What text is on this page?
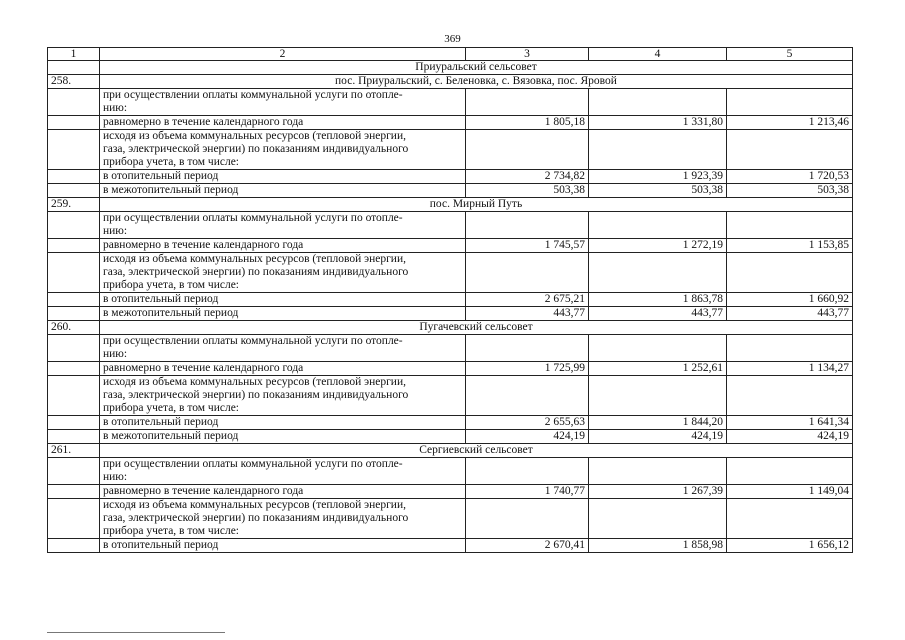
369
1	2	3	4	5
	Приуральский сельсовет			
258.	пос. Приуральский, с. Беленовка, с. Вязовка, пос. Яровой			

	при осуществлении оплаты коммунальной услуги по отопле-
нию:			

	равномерно в течение календарного года	1 805,18	1 331,80	1 213,46

	исходя из объема коммунальных ресурсов (тепловой энергии,
газа, электрической энергии) по показаниям индивидуального
прибора учета, в том числе:			

	в отопительный период	2 734,82	1 923,39	1 720,53

	в межотопительный период	503,38	503,38	503,38
259.	пос. Мирный Путь			

	при осуществлении оплаты коммунальной услуги по отопле-
нию:			

	равномерно в течение календарного года	1 745,57	1 272,19	1 153,85

	исходя из объема коммунальных ресурсов (тепловой энергии,
газа, электрической энергии) по показаниям индивидуального
прибора учета, в том числе:			

	в отопительный период	2 675,21	1 863,78	1 660,92

	в межотопительный период	443,77	443,77	443,77
260.	Пугачевский сельсовет			

	при осуществлении оплаты коммунальной услуги по отопле-
нию:			

	равномерно в течение календарного года	1 725,99	1 252,61	1 134,27

	исходя из объема коммунальных ресурсов (тепловой энергии,
газа, электрической энергии) по показаниям индивидуального
прибора учета, в том числе:			

	в отопительный период	2 655,63	1 844,20	1 641,34

	в межотопительный период	424,19	424,19	424,19
261.	Сергиевский сельсовет			

	при осуществлении оплаты коммунальной услуги по отопле-
нию:			

	равномерно в течение календарного года	1 740,77	1 267,39	1 149,04

	исходя из объема коммунальных ресурсов (тепловой энергии,
газа, электрической энергии) по показаниям индивидуального
прибора учета, в том числе:			

	в отопительный период	2 670,41	1 858,98	1 656,12
